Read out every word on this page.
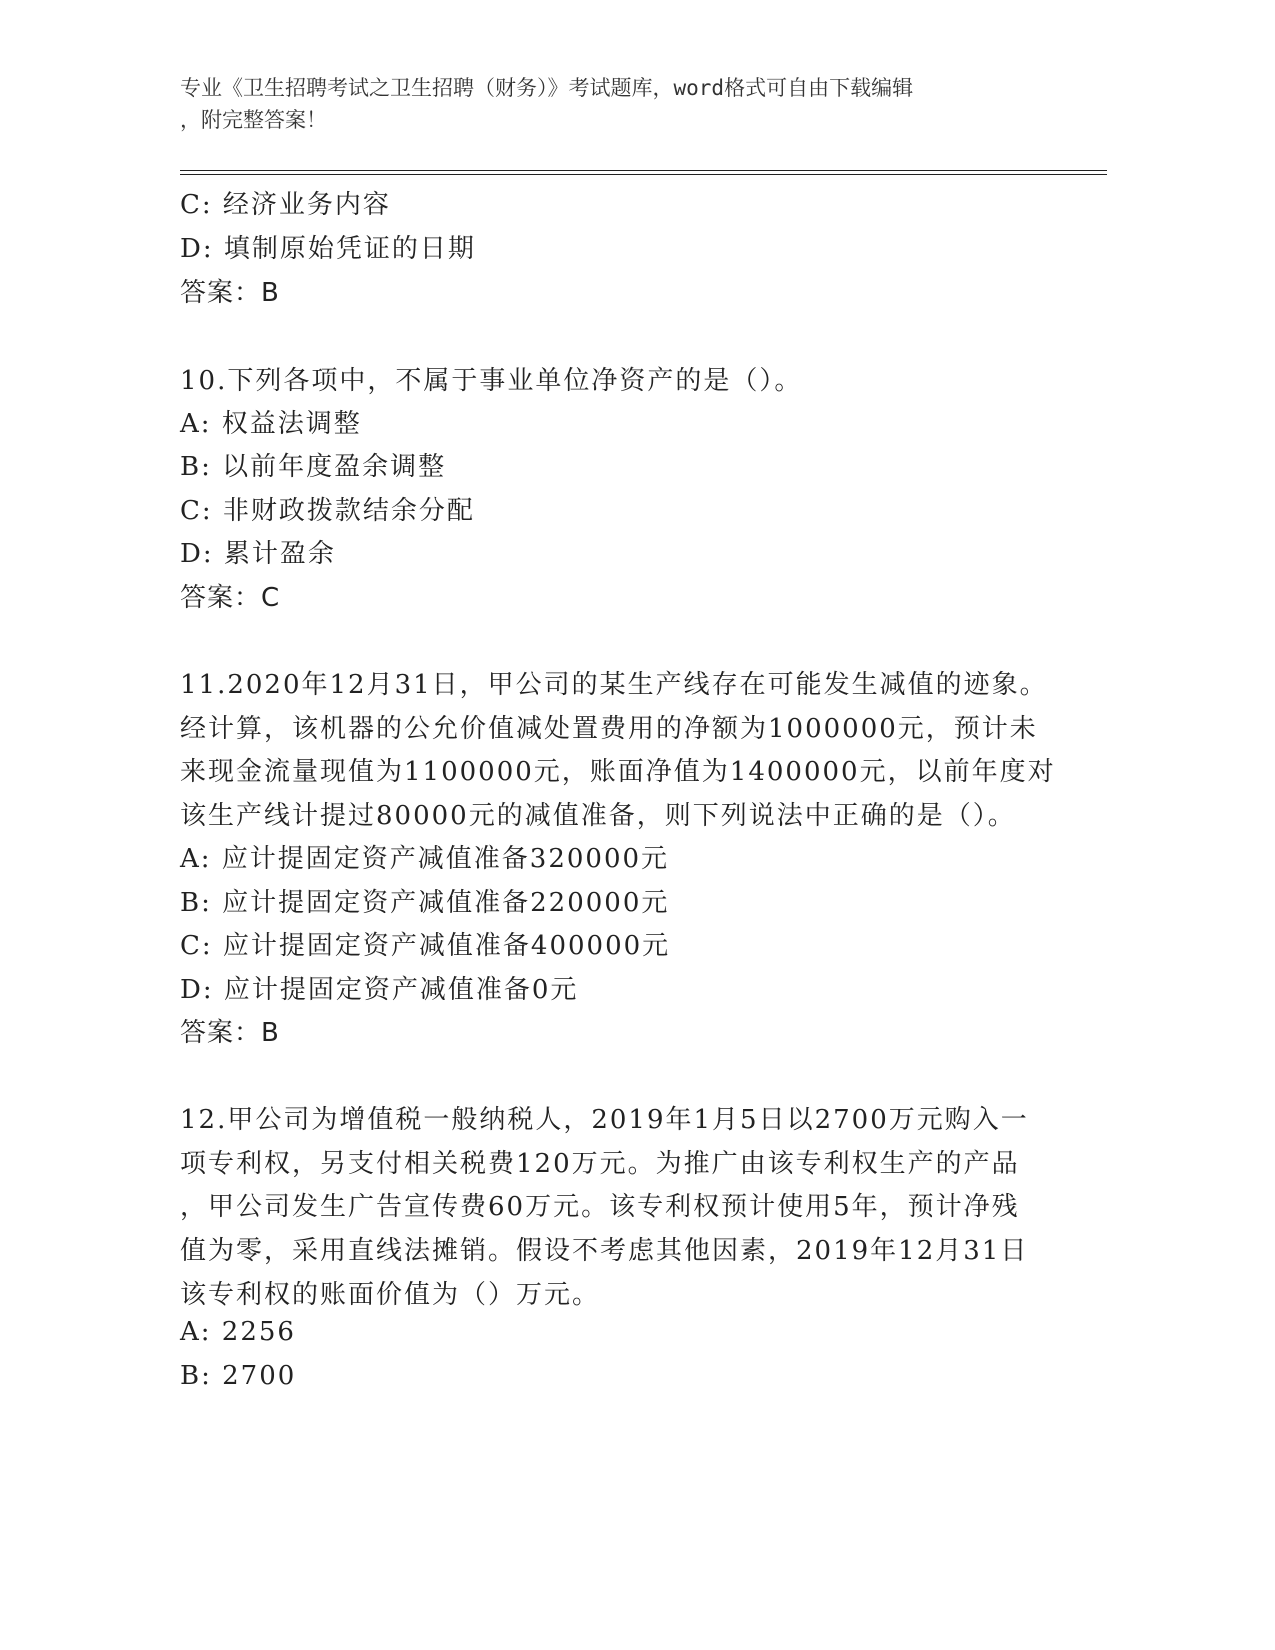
专业《卫生招聘考试之卫生招聘（财务）》考试题库，word格式可自由下载编辑
，附完整答案！
C: 经济业务内容
D: 填制原始凭证的日期
答案：B
10.下列各项中，不属于事业单位净资产的是（）。
A: 权益法调整
B: 以前年度盈余调整
C: 非财政拨款结余分配
D: 累计盈余
答案：C
11.2020年12月31日，甲公司的某生产线存在可能发生减值的迹象。
经计算，该机器的公允价值减处置费用的净额为1000000元，预计未
来现金流量现值为1100000元，账面净值为1400000元，以前年度对
该生产线计提过80000元的减值准备，则下列说法中正确的是（）。
A: 应计提固定资产减值准备320000元
B: 应计提固定资产减值准备220000元
C: 应计提固定资产减值准备400000元
D: 应计提固定资产减值准备0元
答案：B
12.甲公司为增值税一般纳税人，2019年1月5日以2700万元购入一
项专利权，另支付相关税费120万元。为推广由该专利权生产的产品
，甲公司发生广告宣传费60万元。该专利权预计使用5年，预计净残
值为零，采用直线法摊销。假设不考虑其他因素，2019年12月31日
该专利权的账面价值为（）万元。
A: 2256
B: 2700
